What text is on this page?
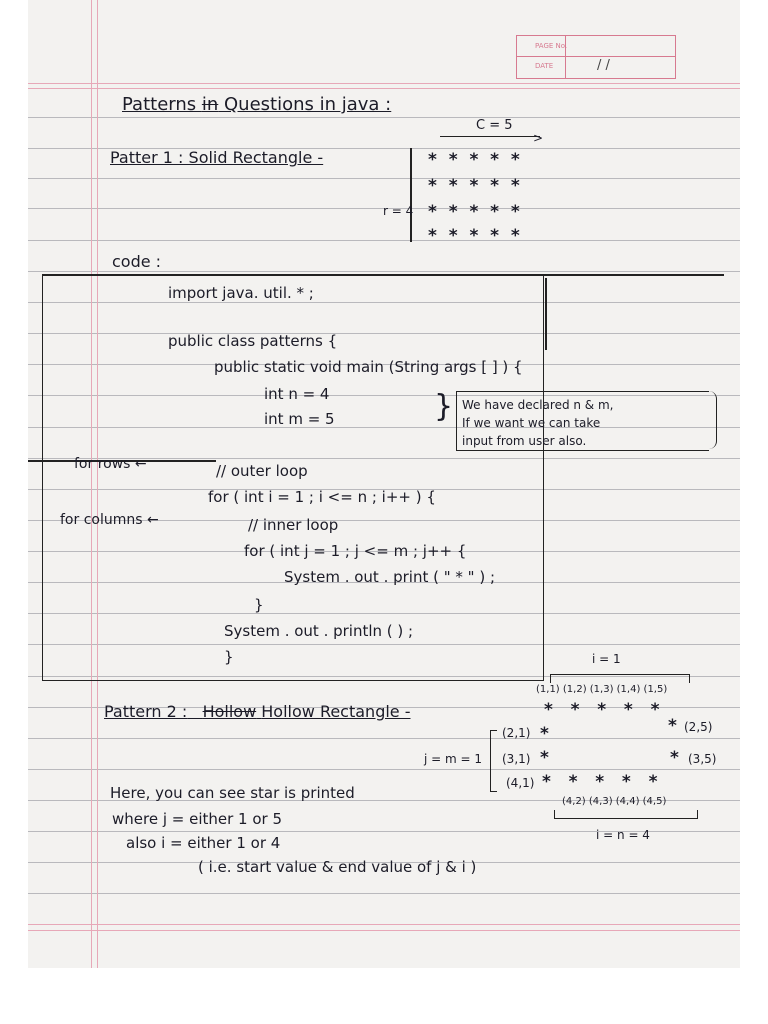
PAGE No.
DATE	/ /
Patterns in Questions in java :
C = 5
>
Patter 1 : Solid Rectangle -
r = 4
*  *  *  *  *
*  *  *  *  *
*  *  *  *  *
*  *  *  *  *
code :
import java. util. * ;
public class patterns {
public static void main (String args [ ] ) {
int n = 4
int m = 5	} We have declared n & m,
If we want we can take
input from user also.
for rows ←	// outer loop
for ( int i = 1 ; i <= n ; i++ ) {
for columns ←	// inner loop
for ( int j = 1 ; j <= m ; j++ {
System . out . print ( " * " ) ;
}
System . out . println ( ) ;
}	i = 1
(1,1) (1,2) (1,3) (1,4) (1,5)
Pattern 2 : Hollow Hollow Rectangle -	*   *   *   *   *
*
*
*   *   *   *   *
*
*
(2,1)
(3,1)
(4,1)
(2,5)
(3,5)
j = m = 1
(4,2) (4,3) (4,4) (4,5)
i = n = 4
Here, you can see star is printed
where j = either 1 or 5
also i = either 1 or 4
( i.e. start value & end value of j & i )
